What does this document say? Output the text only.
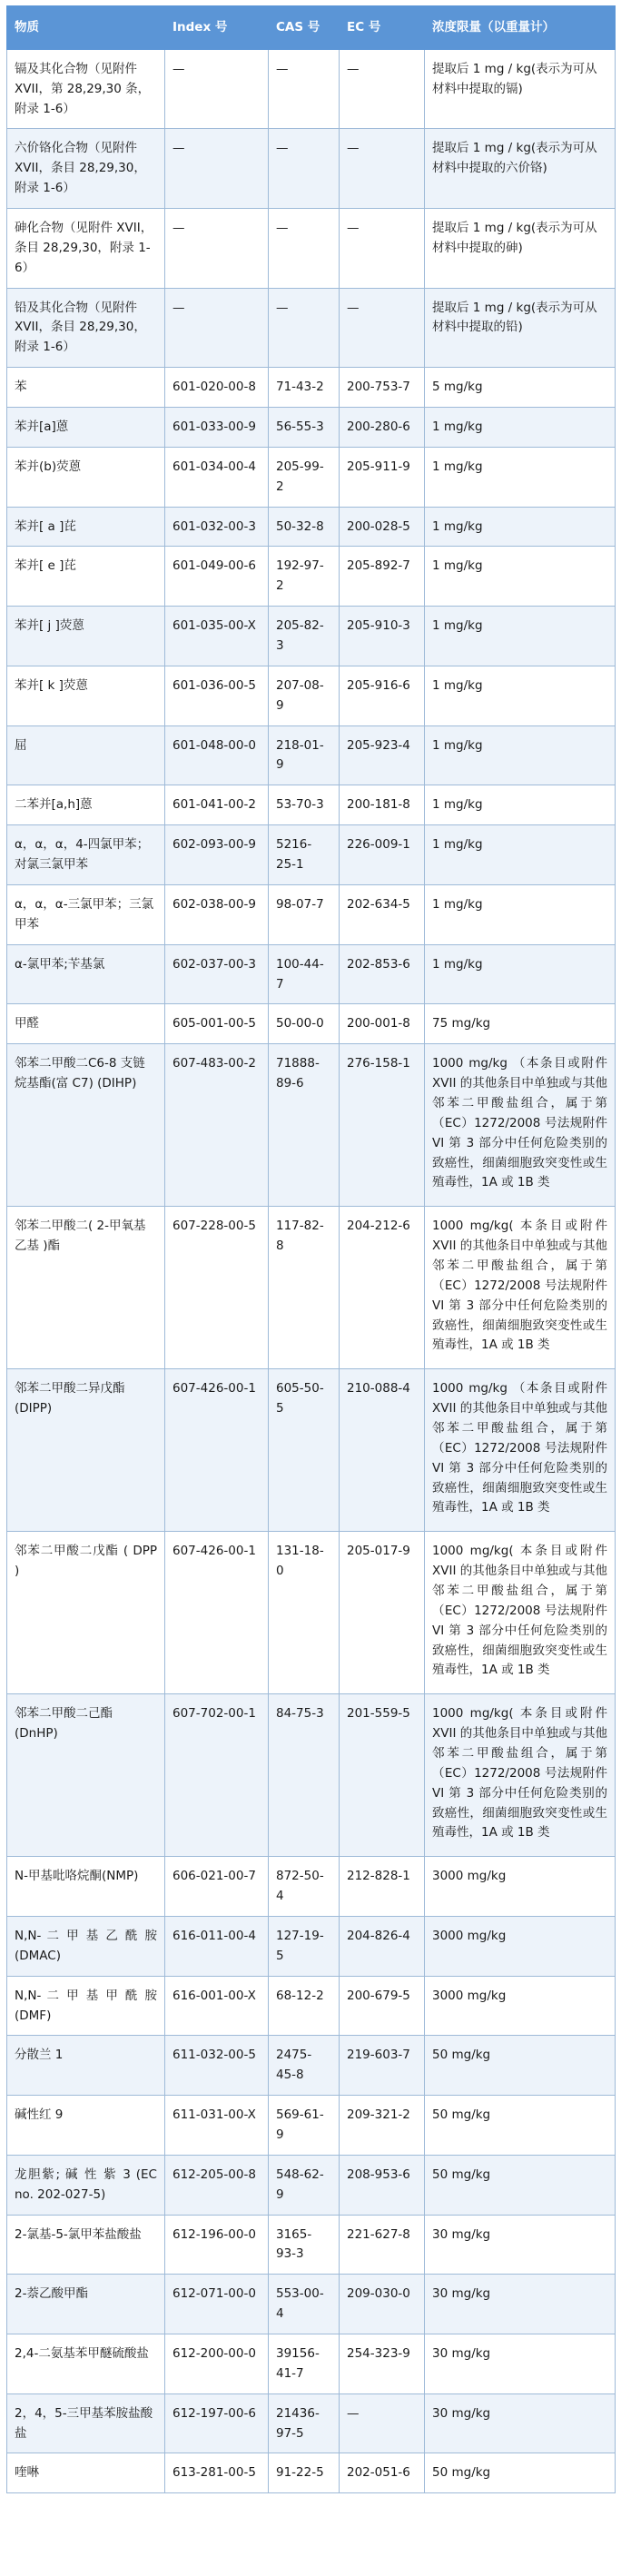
物质	Index 号	CAS 号	EC 号	浓度限量（以重量计）
镉及其化合物（见附件 XVII，第 28,29,30 条，附录 1-6）	—	—	—	提取后 1 mg / kg(表示为可从材料中提取的镉)
六价铬化合物（见附件 XVII，条目 28,29,30，附录 1-6）	—	—	—	提取后 1 mg / kg(表示为可从材料中提取的六价铬)
砷化合物（见附件 XVII，条目 28,29,30，附录 1-6）	—	—	—	提取后 1 mg / kg(表示为可从材料中提取的砷)
铅及其化合物（见附件 XVII，条目 28,29,30，附录 1-6）	—	—	—	提取后 1 mg / kg(表示为可从材料中提取的铅)
苯	601-020-00-8	71-43-2	200-753-7	5 mg/kg
苯并[a]蒽	601-033-00-9	56-55-3	200-280-6	1 mg/kg
苯并(b)荧蒽	601-034-00-4	205-99-2	205-911-9	1 mg/kg
苯并[ a ]芘	601-032-00-3	50-32-8	200-028-5	1 mg/kg
苯并[ e ]芘	601-049-00-6	192-97-2	205-892-7	1 mg/kg
苯并[ j ]荧蒽	601-035-00-X	205-82-3	205-910-3	1 mg/kg
苯并[ k ]荧蒽	601-036-00-5	207-08-9	205-916-6	1 mg/kg
屈	601-048-00-0	218-01-9	205-923-4	1 mg/kg
二苯并[a,h]蒽	601-041-00-2	53-70-3	200-181-8	1 mg/kg
α，α，α，4-四氯甲苯；对氯三氯甲苯	602-093-00-9	5216-25-1	226-009-1	1 mg/kg
α，α，α-三氯甲苯；三氯甲苯	602-038-00-9	98-07-7	202-634-5	1 mg/kg
α-氯甲苯;苄基氯	602-037-00-3	100-44-7	202-853-6	1 mg/kg
甲醛	605-001-00-5	50-00-0	200-001-8	75 mg/kg
邻苯二甲酸二C6-8 支链烷基酯(富 C7) (DIHP)	607-483-00-2	71888-89-6	276-158-1	1000 mg/kg （本条目或附件 XVII 的其他条目中单独或与其他邻苯二甲酸盐组合，属于第（EC）1272/2008 号法规附件 VI 第 3 部分中任何危险类别的致癌性，细菌细胞致突变性或生殖毒性，1A 或 1B 类
邻苯二甲酸二( 2-甲氧基乙基 )酯	607-228-00-5	117-82-8	204-212-6	1000 mg/kg( 本条目或附件 XVII 的其他条目中单独或与其他邻苯二甲酸盐组合，属于第（EC）1272/2008 号法规附件 VI 第 3 部分中任何危险类别的致癌性，细菌细胞致突变性或生殖毒性，1A 或 1B 类
邻苯二甲酸二异戊酯 (DIPP)	607-426-00-1	605-50-5	210-088-4	1000 mg/kg （本条目或附件 XVII 的其他条目中单独或与其他邻苯二甲酸盐组合，属于第（EC）1272/2008 号法规附件 VI 第 3 部分中任何危险类别的致癌性，细菌细胞致突变性或生殖毒性，1A 或 1B 类
邻苯二甲酸二戊酯 ( DPP )	607-426-00-1	131-18-0	205-017-9	1000 mg/kg( 本条目或附件 XVII 的其他条目中单独或与其他邻苯二甲酸盐组合，属于第（EC）1272/2008 号法规附件 VI 第 3 部分中任何危险类别的致癌性，细菌细胞致突变性或生殖毒性，1A 或 1B 类
邻苯二甲酸二己酯 (DnHP)	607-702-00-1	84-75-3	201-559-5	1000 mg/kg( 本条目或附件 XVII 的其他条目中单独或与其他邻苯二甲酸盐组合，属于第（EC）1272/2008 号法规附件 VI 第 3 部分中任何危险类别的致癌性，细菌细胞致突变性或生殖毒性，1A 或 1B 类
N-甲基吡咯烷酮(NMP)	606-021-00-7	872-50-4	212-828-1	3000 mg/kg
N,N- 二 甲 基 乙 酰 胺 (DMAC)	616-011-00-4	127-19-5	204-826-4	3000 mg/kg
N,N- 二 甲 基 甲 酰 胺 (DMF)	616-001-00-X	68-12-2	200-679-5	3000 mg/kg
分散兰 1	611-032-00-5	2475-45-8	219-603-7	50 mg/kg
碱性红 9	611-031-00-X	569-61-9	209-321-2	50 mg/kg
龙胆紫; 碱 性 紫 3 (EC no. 202-027-5)	612-205-00-8	548-62-9	208-953-6	50 mg/kg
2-氯基-5-氯甲苯盐酸盐	612-196-00-0	3165-93-3	221-627-8	30 mg/kg
2-萘乙酸甲酯	612-071-00-0	553-00-4	209-030-0	30 mg/kg
2,4-二氨基苯甲醚硫酸盐	612-200-00-0	39156-41-7	254-323-9	30 mg/kg
2，4，5-三甲基苯胺盐酸盐	612-197-00-6	21436-97-5	—	30 mg/kg
喹啉	613-281-00-5	91-22-5	202-051-6	50 mg/kg
